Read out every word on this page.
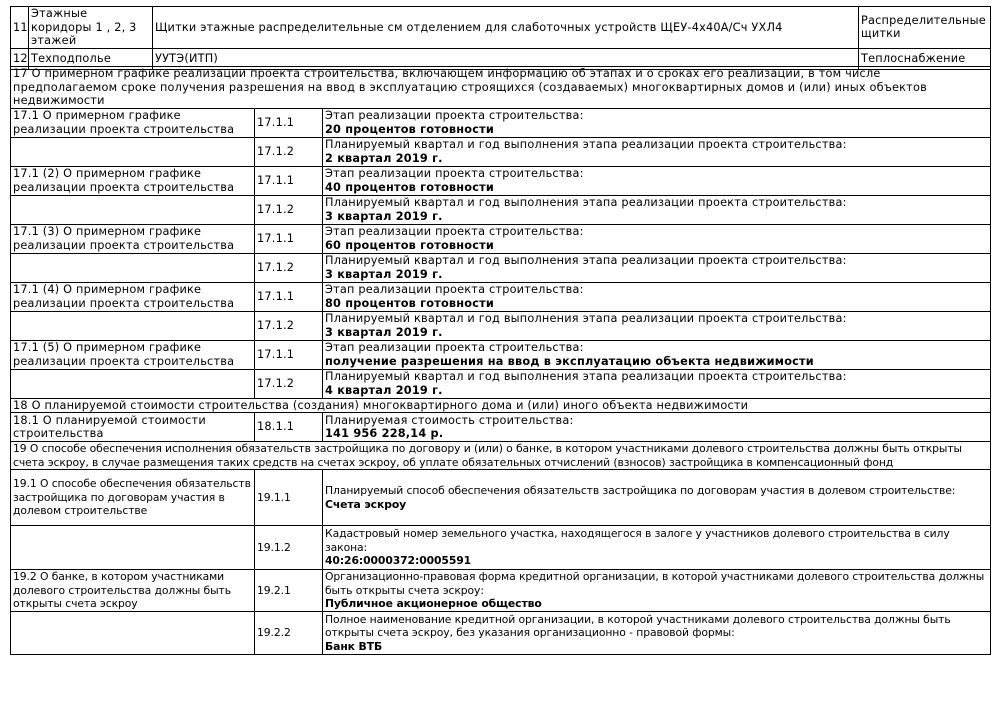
11	Этажные коридоры 1 , 2, 3 этажей	Щитки этажные распределительные см отделением для слаботочных устройств ЩЕУ-4х40А/Сч УХЛ4	Распределительные щитки
12	Техподполье	УУТЭ(ИТП)	Теплоснабжение
17 О примерном графике реализации проекта строительства, включающем информацию об этапах и о сроках его реализации, в том числе предполагаемом сроке получения разрешения на ввод в эксплуатацию строящихся (создаваемых) многоквартирных домов и (или) иных объектов недвижимости		
17.1 О примерном графике реализации проекта строительства	17.1.1	Этап реализации проекта строительства:
20 процентов готовности

	17.1.2	Планируемый квартал и год выполнения этапа реализации проекта строительства:
2 квартал 2019 г.

17.1 (2) О примерном графике реализации проекта строительства	17.1.1	Этап реализации проекта строительства:
40 процентов готовности

	17.1.2	Планируемый квартал и год выполнения этапа реализации проекта строительства:
3 квартал 2019 г.

17.1 (3) О примерном графике реализации проекта строительства	17.1.1	Этап реализации проекта строительства:
60 процентов готовности

	17.1.2	Планируемый квартал и год выполнения этапа реализации проекта строительства:
3 квартал 2019 г.

17.1 (4) О примерном графике реализации проекта строительства	17.1.1	Этап реализации проекта строительства:
80 процентов готовности

	17.1.2	Планируемый квартал и год выполнения этапа реализации проекта строительства:
3 квартал 2019 г.

17.1 (5) О примерном графике реализации проекта строительства	17.1.1	Этап реализации проекта строительства:
получение разрешения на ввод в эксплуатацию объекта недвижимости

	17.1.2	Планируемый квартал и год выполнения этапа реализации проекта строительства:
4 квартал 2019 г.

18 О планируемой стоимости строительства (создания) многоквартирного дома и (или) иного объекта недвижимости		
18.1 О планируемой стоимости строительства	18.1.1	Планируемая стоимость строительства:
141 956 228,14 р.

19 О способе обеспечения исполнения обязательств застройщика по договору и (или) о банке, в котором участниками долевого строительства должны быть открыты счета эскроу, в случае размещения таких средств на счетах эскроу, об уплате обязательных отчислений (взносов) застройщика в компенсационный фонд		
19.1 О способе обеспечения обязательств застройщика по договорам участия в долевом строительстве	19.1.1	Планируемый способ обеспечения обязательств застройщика по договорам участия в долевом строительстве:
Счета эскроу

	19.1.2	Кадастровый номер земельного участка, находящегося в залоге у участников долевого строительства в силу закона:
40:26:0000372:0005591

19.2 О банке, в котором участниками долевого строительства должны быть открыты счета эскроу	19.2.1	Организационно-правовая форма кредитной организации, в которой участниками долевого строительства должны быть открыты счета эскроу:
Публичное акционерное общество

	19.2.2	Полное наименование кредитной организации, в которой участниками долевого строительства должны быть открыты счета эскроу, без указания организационно - правовой формы:
Банк ВТБ
